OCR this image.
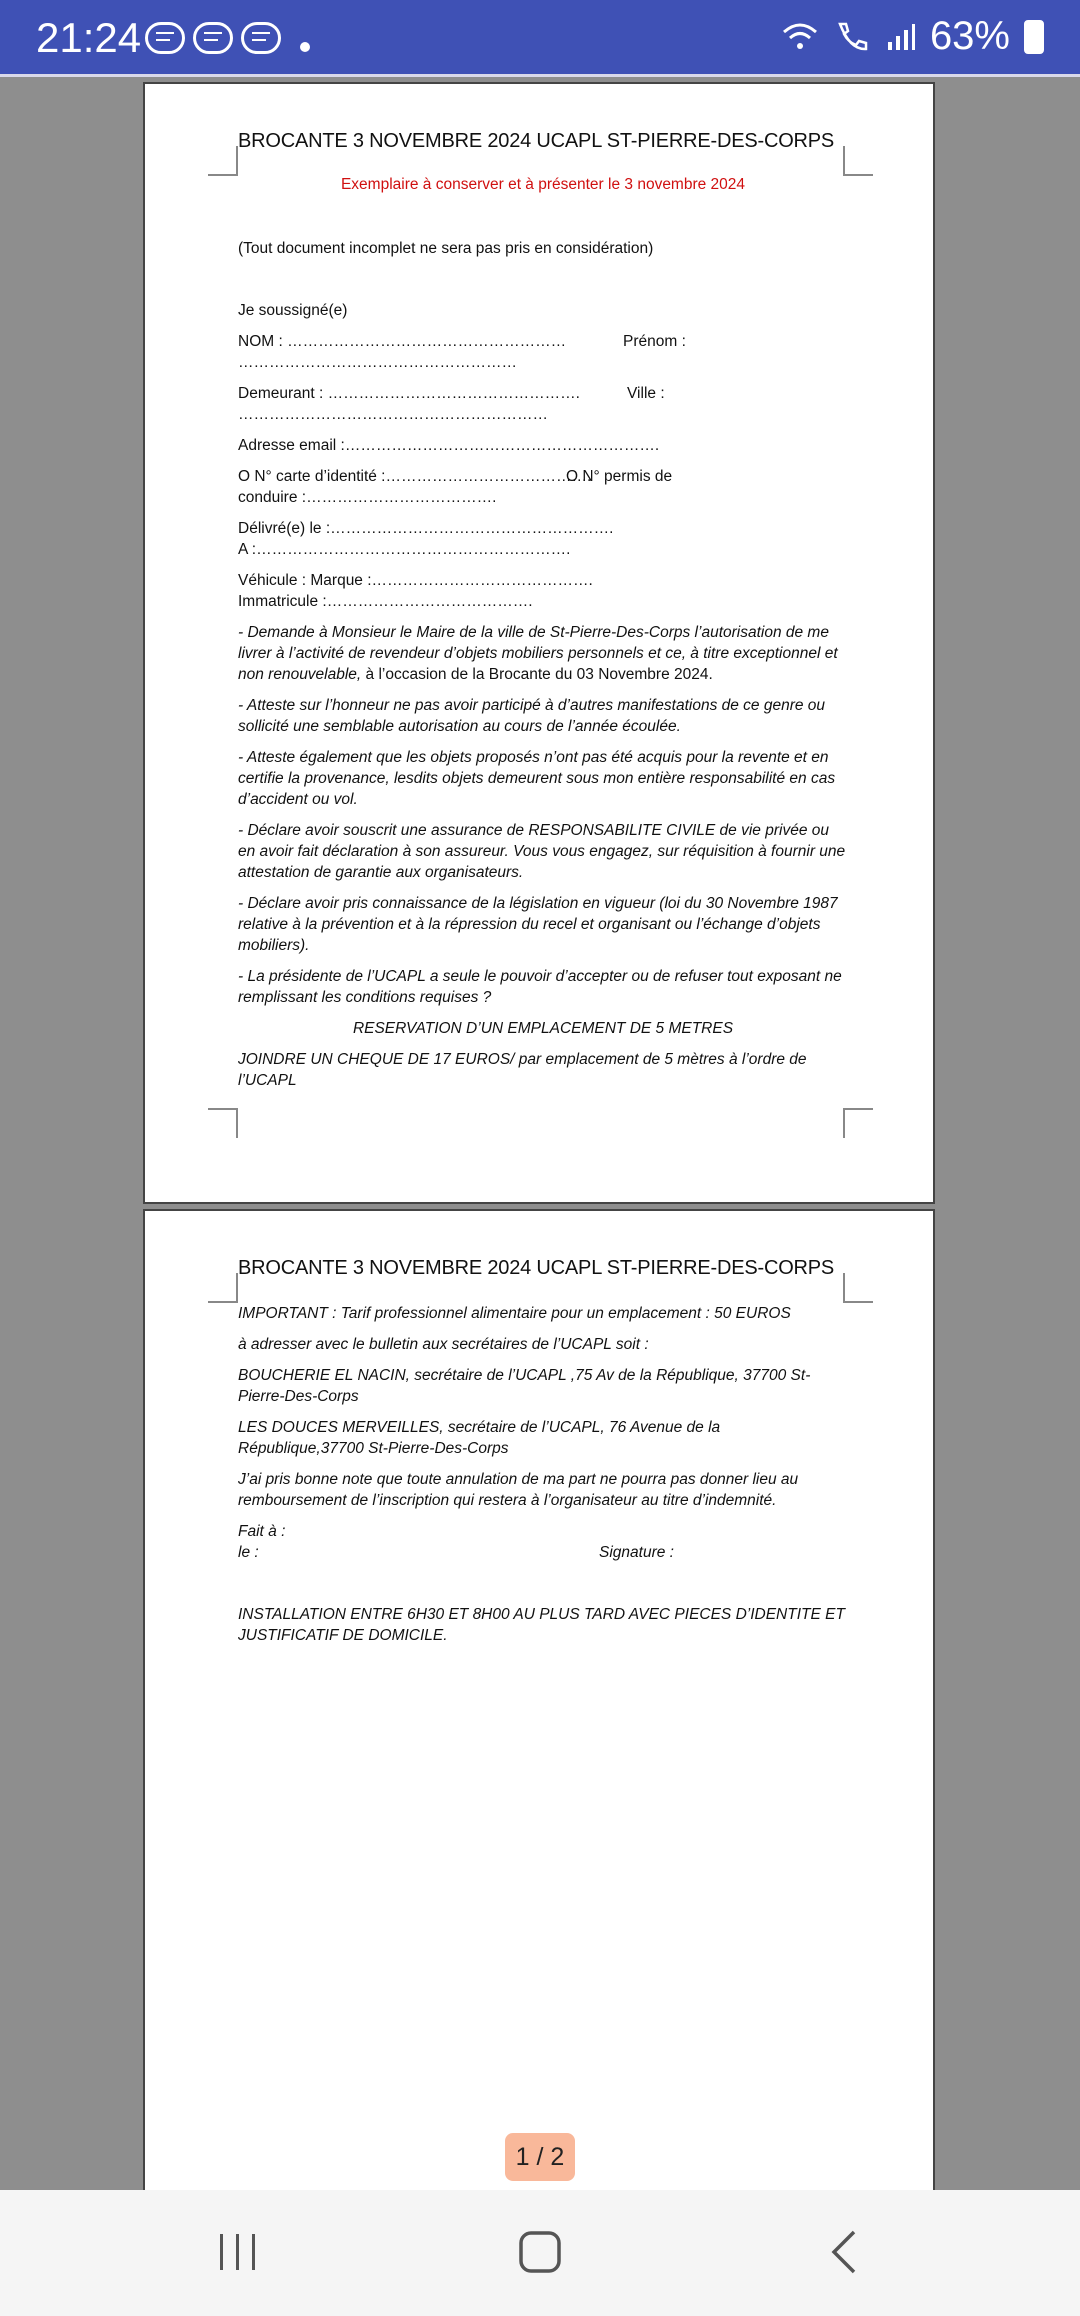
21:24	63%
BROCANTE 3 NOVEMBRE 2024 UCAPL ST-PIERRE-DES-CORPS
Exemplaire à conserver et à présenter le 3 novembre 2024

(Tout document incomplet ne sera pas pris en considération)

Je soussigné(e)

NOM : ………………………………………………	Prénom :

………………………………………………

Demeurant : ………………………………………….	Ville :

……………………………………………………

Adresse email :…………………………………………………….

O N° carte d’identité :………………………………….

O N° permis de

conduire :……………………………….

Délivré(e) le :……………………………………………….

A :…………………………………………………….

Véhicule : Marque :…………………………………….

Immatricule :………………………………….

- Demande à Monsieur le Maire de la ville de St-Pierre-Des-Corps l’autorisation de me livrer à l’activité de revendeur d’objets mobiliers personnels et ce, à titre exceptionnel et non renouvelable, à l’occasion de la Brocante du 03 Novembre 2024.

- Atteste sur l’honneur ne pas avoir participé à d’autres manifestations de ce genre ou sollicité une semblable autorisation au cours de l’année écoulée.

- Atteste également que les objets proposés n’ont pas été acquis pour la revente et en certifie la provenance, lesdits objets demeurent sous mon entière responsabilité en cas d’accident ou vol.

- Déclare avoir souscrit une assurance de RESPONSABILITE CIVILE de vie privée ou en avoir fait déclaration à son assureur. Vous vous engagez, sur réquisition à fournir une attestation de garantie aux organisateurs.

- Déclare avoir pris connaissance de la législation en vigueur (loi du 30 Novembre 1987 relative à la prévention et à la répression du recel et organisant ou l’échange d’objets mobiliers).

- La présidente de l’UCAPL a seule le pouvoir d’accepter ou de refuser tout exposant ne remplissant les conditions requises ?

RESERVATION D’UN EMPLACEMENT DE 5 METRES

JOINDRE UN CHEQUE DE 17 EUROS/ par emplacement de 5 mètres à l’ordre de l’UCAPL

BROCANTE 3 NOVEMBRE 2024 UCAPL ST-PIERRE-DES-CORPS

IMPORTANT : Tarif professionnel alimentaire pour un emplacement : 50 EUROS

à adresser avec le bulletin aux secrétaires de l’UCAPL soit :

BOUCHERIE EL NACIN, secrétaire de l’UCAPL ,75 Av de la République, 37700 St-Pierre-Des-Corps

LES DOUCES MERVEILLES, secrétaire de l’UCAPL, 76 Avenue de la République,37700 St-Pierre-Des-Corps

J’ai pris bonne note que toute annulation de ma part ne pourra pas donner lieu au remboursement de l’inscription qui restera à l’organisateur au titre d’indemnité.

Fait à :

le :	Signature :

INSTALLATION ENTRE 6H30 ET 8H00 AU PLUS TARD AVEC PIECES D’IDENTITE ET JUSTIFICATIF DE DOMICILE.

1 / 2
